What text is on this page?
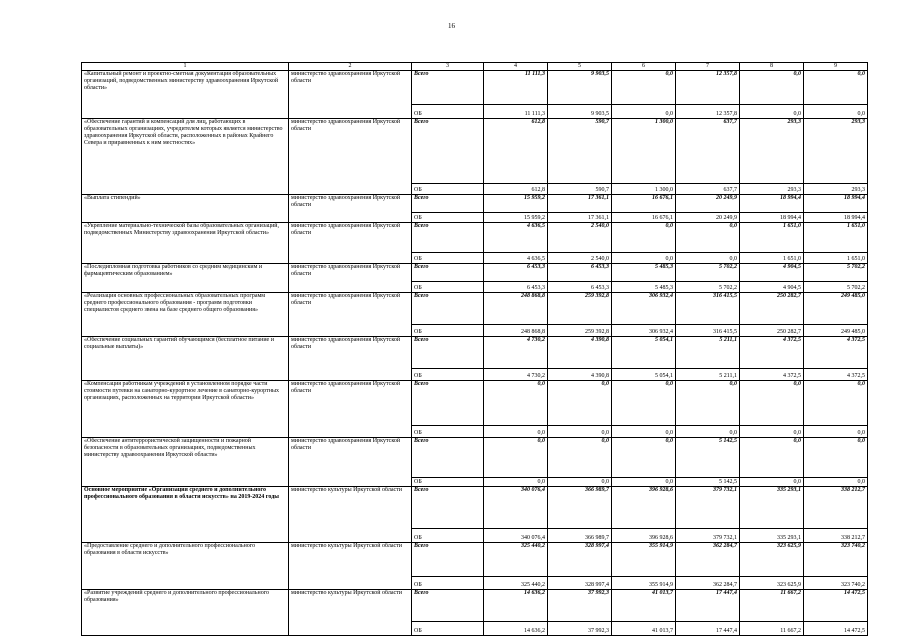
16
1	2	3	4	5	6	7	8	9
«Капитальный ремонт и проектно-сметная документация образовательных организаций, подведомственных министерству здравоохранения Иркутской области»	министерство здравоохранения Иркутской области	Всего	11 111,3	9 903,5	0,0	12 357,8	0,0	0,0
		ОБ	11 111,3	9 903,5	0,0	12 357,8	0,0	0,0
«Обеспечение гарантий и компенсаций для лиц, работающих в образовательных организациях, учредителем которых является министерство здравоохранения Иркутской области, расположенных в районах Крайнего Севера и приравненных к ним местностях»	министерство здравоохранения Иркутской области	Всего	612,8	590,7	1 300,0	637,7	293,3	293,3
		ОБ	612,8	590,7	1 300,0	637,7	293,3	293,3
«Выплата стипендий»	министерство здравоохранения Иркутской области	Всего	15 959,2	17 361,1	16 676,1	20 249,9	18 994,4	18 994,4
		ОБ	15 959,2	17 361,1	16 676,1	20 249,9	18 994,4	18 994,4
«Укрепление материально-технической базы образовательных организаций, подведомственных Министерству здравоохранения Иркутской области»	министерство здравоохранения Иркутской области	Всего	4 636,5	2 540,0	0,0	0,0	1 651,0	1 651,0
		ОБ	4 636,5	2 540,0	0,0	0,0	1 651,0	1 651,0
«Последипломная подготовка работников со средним медицинским и фармацевтическим образованием»	министерство здравоохранения Иркутской области	Всего	6 453,3	6 453,3	5 485,3	5 702,2	4 904,5	5 702,2
		ОБ	6 453,3	6 453,3	5 485,3	5 702,2	4 904,5	5 702,2
«Реализация основных профессиональных образовательных программ среднего профессионального образования - программ подготовки специалистов среднего звена на базе среднего общего образования»	министерство здравоохранения Иркутской области	Всего	248 868,8	259 392,8	306 932,4	316 415,5	250 282,7	249 485,0
		ОБ	248 868,8	259 392,8	306 932,4	316 415,5	250 282,7	249 485,0
«Обеспечение социальных гарантий обучающимся (бесплатное питание и социальные выплаты)»	министерство здравоохранения Иркутской области	Всего	4 730,2	4 390,8	5 054,1	5 211,1	4 372,5	4 372,5
		ОБ	4 730,2	4 390,8	5 054,1	5 211,1	4 372,5	4 372,5
«Компенсация работникам учреждений в установленном порядке части стоимости путевки на санаторно-курортное лечение в санаторно-курортных организациях, расположенных на территории Иркутской области»	министерство здравоохранения Иркутской области	Всего	0,0	0,0	0,0	0,0	0,0	0,0
		ОБ	0,0	0,0	0,0	0,0	0,0	0,0
«Обеспечение антитеррористической защищенности и пожарной безопасности в образовательных организациях, подведомственных министерству здравоохранения Иркутской области»	министерство здравоохранения Иркутской области	Всего	0,0	0,0	0,0	5 142,5	0,0	0,0
		ОБ	0,0	0,0	0,0	5 142,5	0,0	0,0
Основное мероприятие «Организация среднего и дополнительного профессионального образования в области искусств» на 2019-2024 годы	министерство культуры Иркутской области	Всего	340 076,4	366 989,7	396 928,6	379 732,1	335 293,1	338 212,7
		ОБ	340 076,4	366 989,7	396 928,6	379 732,1	335 293,1	338 212,7
«Предоставление среднего и дополнительного профессионального образования в области искусств»	министерство культуры Иркутской области	Всего	325 440,2	328 997,4	355 914,9	362 284,7	323 625,9	323 740,2
		ОБ	325 440,2	328 997,4	355 914,9	362 284,7	323 625,9	323 740,2
«Развитие учреждений среднего и дополнительного профессионального образования»	министерство культуры Иркутской области	Всего	14 636,2	37 992,3	41 013,7	17 447,4	11 667,2	14 472,5
		ОБ	14 636,2	37 992,3	41 013,7	17 447,4	11 667,2	14 472,5
